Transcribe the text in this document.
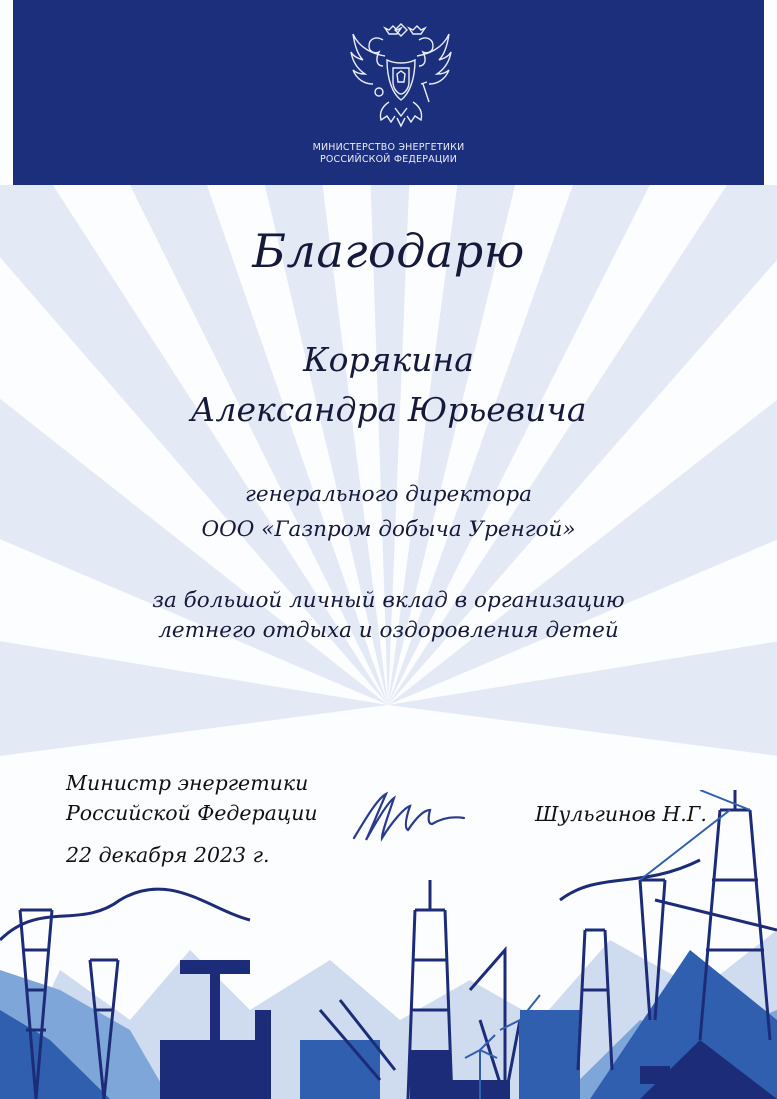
МИНИСТЕРСТВО ЭНЕРГЕТИКИ
РОССИЙСКОЙ ФЕДЕРАЦИИ
Благодарю
Корякина
Александра Юрьевича
генерального директора
ООО «Газпром добыча Уренгой»
за большой личный вклад в организацию
летнего отдыха и оздоровления детей
Министр энергетики
Российской Федерации
22 декабря 2023 г.
Шульгинов Н.Г.
